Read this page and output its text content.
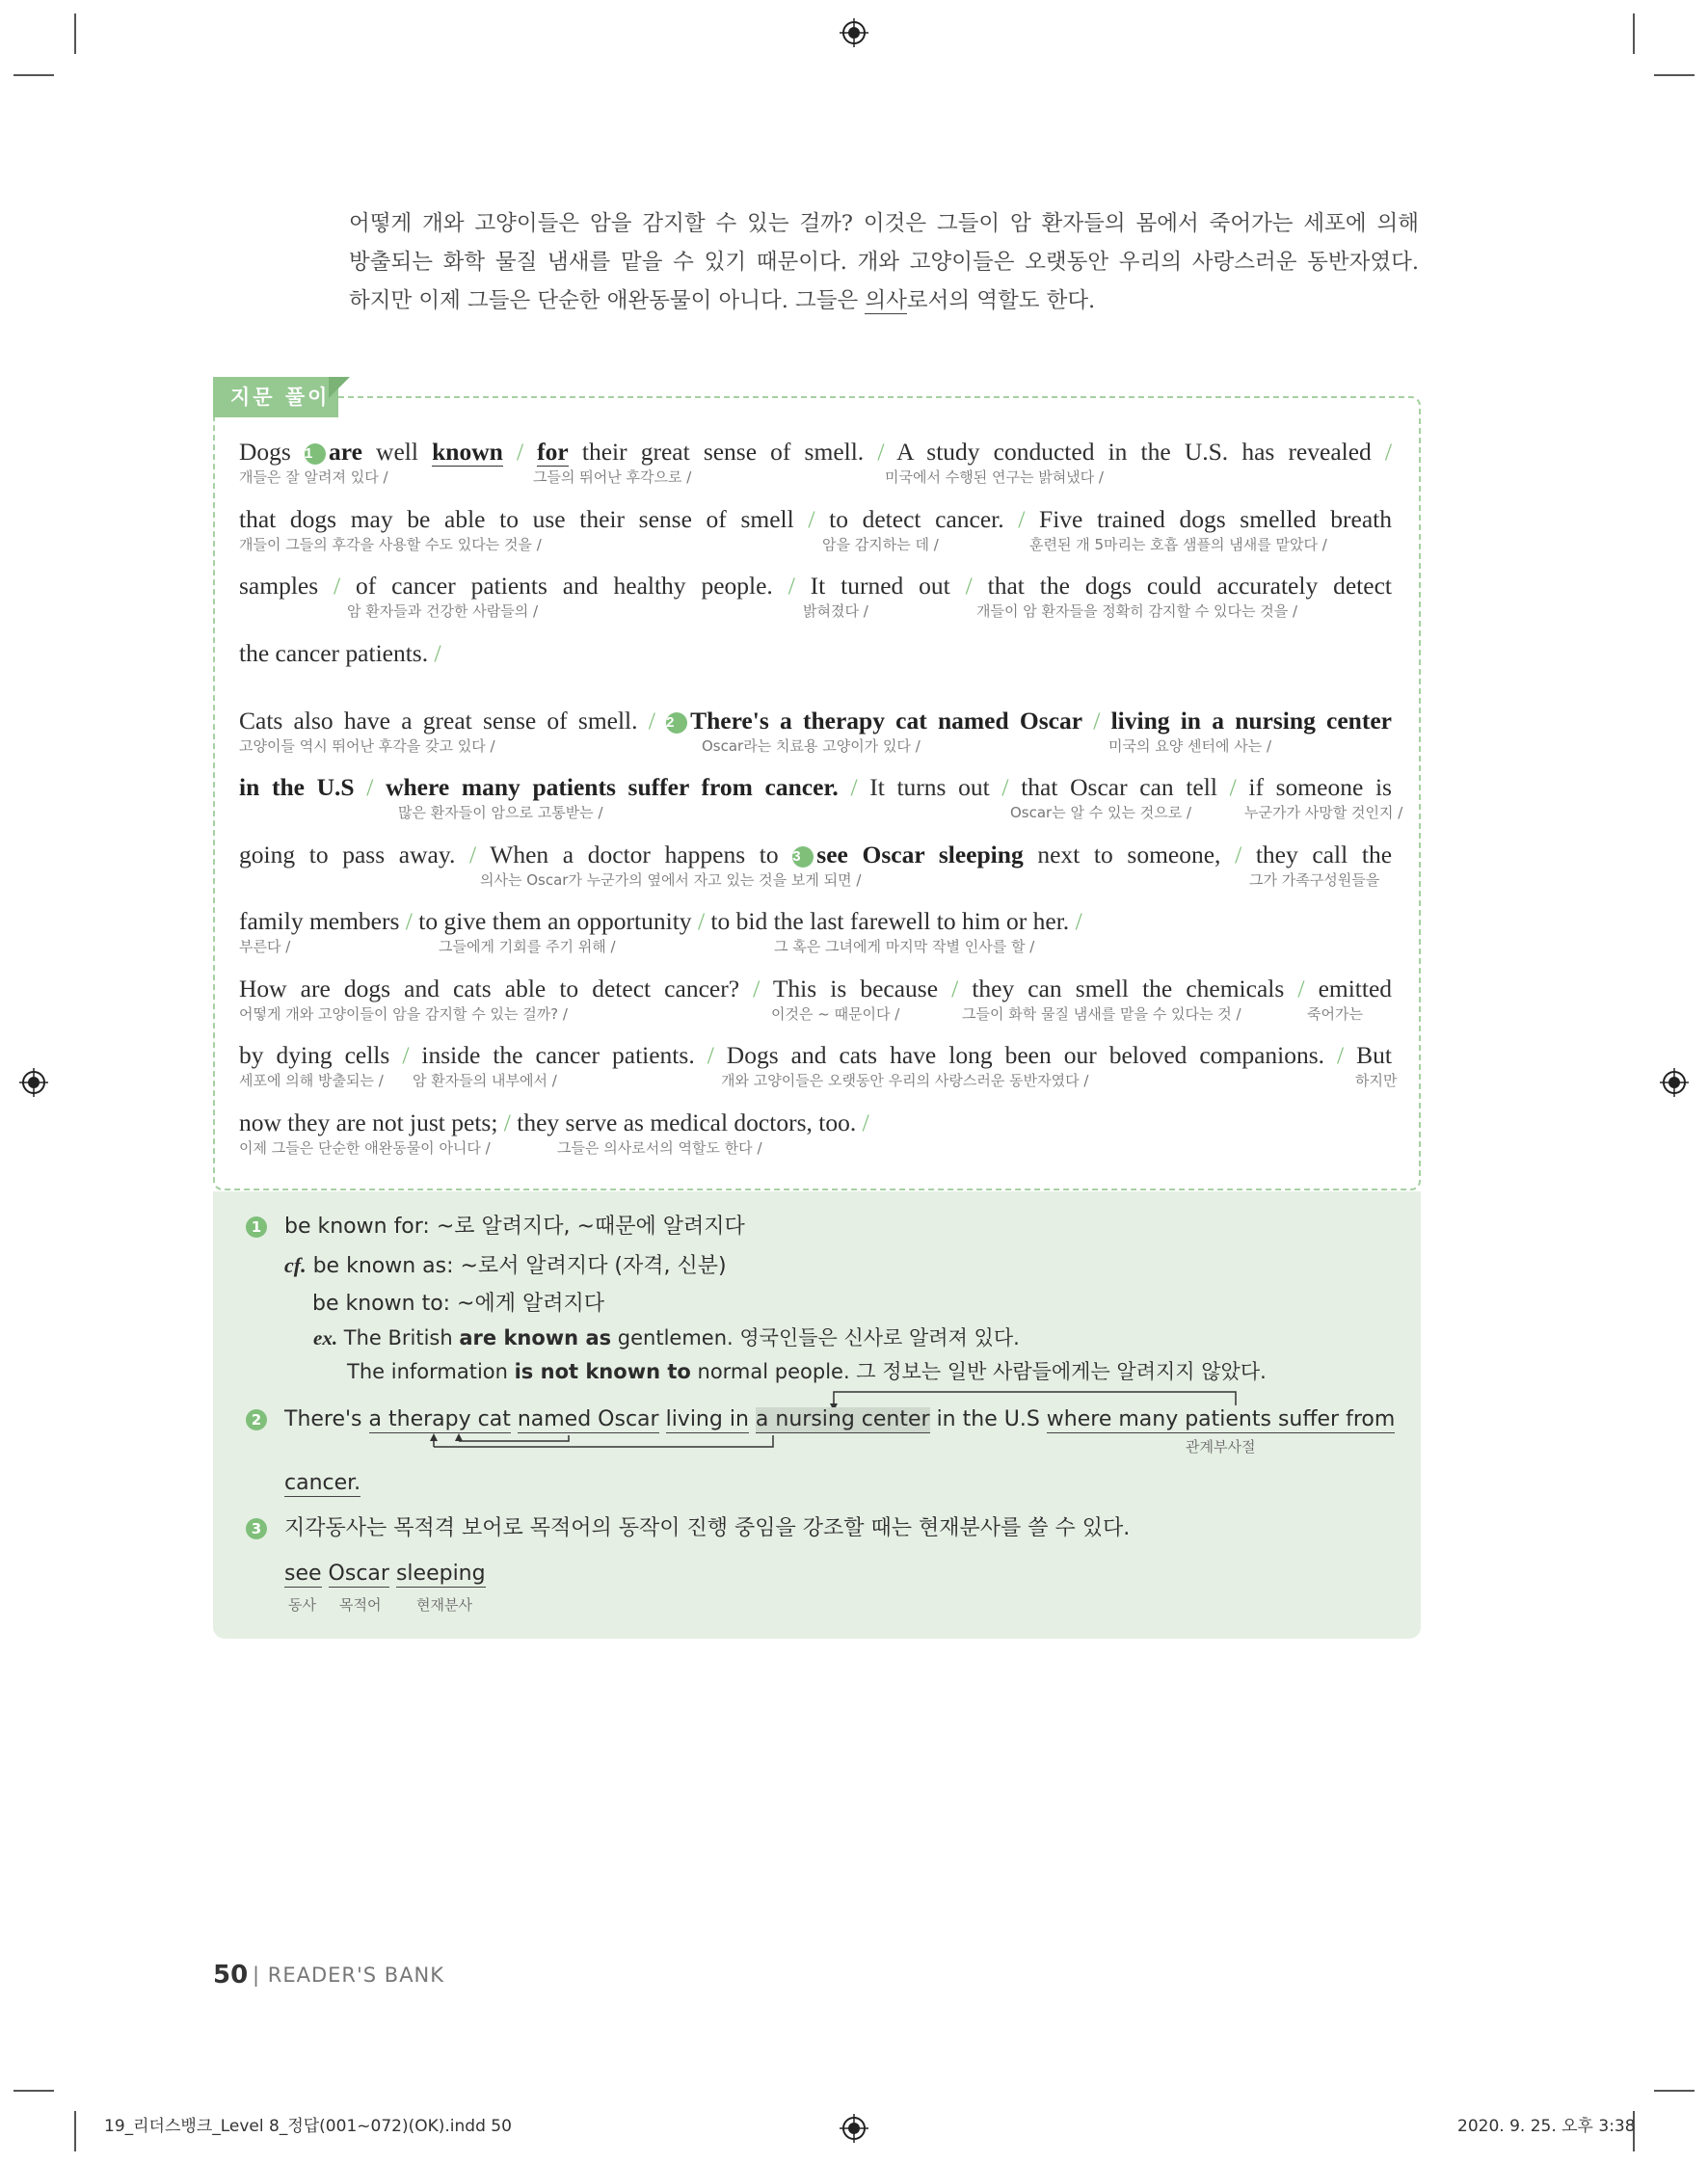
어떻게 개와 고양이들은 암을 감지할 수 있는 걸까? 이것은 그들이 암 환자들의 몸에서 죽어가는 세포에 의해
방출되는 화학 물질 냄새를 맡을 수 있기 때문이다. 개와 고양이들은 오랫동안 우리의 사랑스러운 동반자였다.
하지만 이제 그들은 단순한 애완동물이 아니다. 그들은 의사로서의 역할도 한다.
지문 풀이
Dogs 1 are well known / for their great sense of smell. / A study conducted in the U.S. has revealed /
개들은 잘 알려져 있다 /	그들의 뛰어난 후각으로 /	미국에서 수행된 연구는 밝혀냈다 /
that dogs may be able to use their sense of smell / to detect cancer. / Five trained dogs smelled breath
개들이 그들의 후각을 사용할 수도 있다는 것을 /	암을 감지하는 데 /	훈련된 개 5마리는 호흡 샘플의 냄새를 맡았다 /
samples / of cancer patients and healthy people. / It turned out / that the dogs could accurately detect
암 환자들과 건강한 사람들의 /	밝혀졌다 /	개들이 암 환자들을 정확히 감지할 수 있다는 것을 /
the cancer patients. /
Cats also have a great sense of smell. / 2 There's a therapy cat named Oscar / living in a nursing center
고양이들 역시 뛰어난 후각을 갖고 있다 /	Oscar라는 치료용 고양이가 있다 /	미국의 요양 센터에 사는 /
in the U.S / where many patients suffer from cancer. / It turns out / that Oscar can tell / if someone is
많은 환자들이 암으로 고통받는 /	Oscar는 알 수 있는 것으로 /	누군가가 사망할 것인지 /
going to pass away. / When a doctor happens to 3 see Oscar sleeping next to someone, / they call the
의사는 Oscar가 누군가의 옆에서 자고 있는 것을 보게 되면 /	그가 가족구성원들을
family members / to give them an opportunity / to bid the last farewell to him or her. /
부른다 /	그들에게 기회를 주기 위해 /	그 혹은 그녀에게 마지막 작별 인사를 할 /
How are dogs and cats able to detect cancer? / This is because / they can smell the chemicals / emitted
어떻게 개와 고양이들이 암을 감지할 수 있는 걸까? /	이것은 ~ 때문이다 /	그들이 화학 물질 냄새를 맡을 수 있다는 것 /	죽어가는
by dying cells / inside the cancer patients. / Dogs and cats have long been our beloved companions. / But
세포에 의해 방출되는 / 암 환자들의 내부에서 /	개와 고양이들은 오랫동안 우리의 사랑스러운 동반자였다 /	하지만
now they are not just pets; / they serve as medical doctors, too. /
이제 그들은 단순한 애완동물이 아니다 /	그들은 의사로서의 역할도 한다 /
1 be known for: ~로 알려지다, ~때문에 알려지다
cf. be known as: ~로서 알려지다 (자격, 신분)
be known to: ~에게 알려지다
ex. The British are known as gentlemen. 영국인들은 신사로 알려져 있다.
The information is not known to normal people. 그 정보는 일반 사람들에게는 알려지지 않았다.
2 There's a therapy cat named Oscar living in a nursing center in the U.S where many patients suffer from
관계부사절
cancer.
3 지각동사는 목적격 보어로 목적어의 동작이 진행 중임을 강조할 때는 현재분사를 쓸 수 있다.
see Oscar sleeping
동사 목적어 현재분사
50 | READER'S BANK
19_리더스뱅크_Level 8_정답(001~072)(OK).indd 50	2020. 9. 25. 오후 3:38
